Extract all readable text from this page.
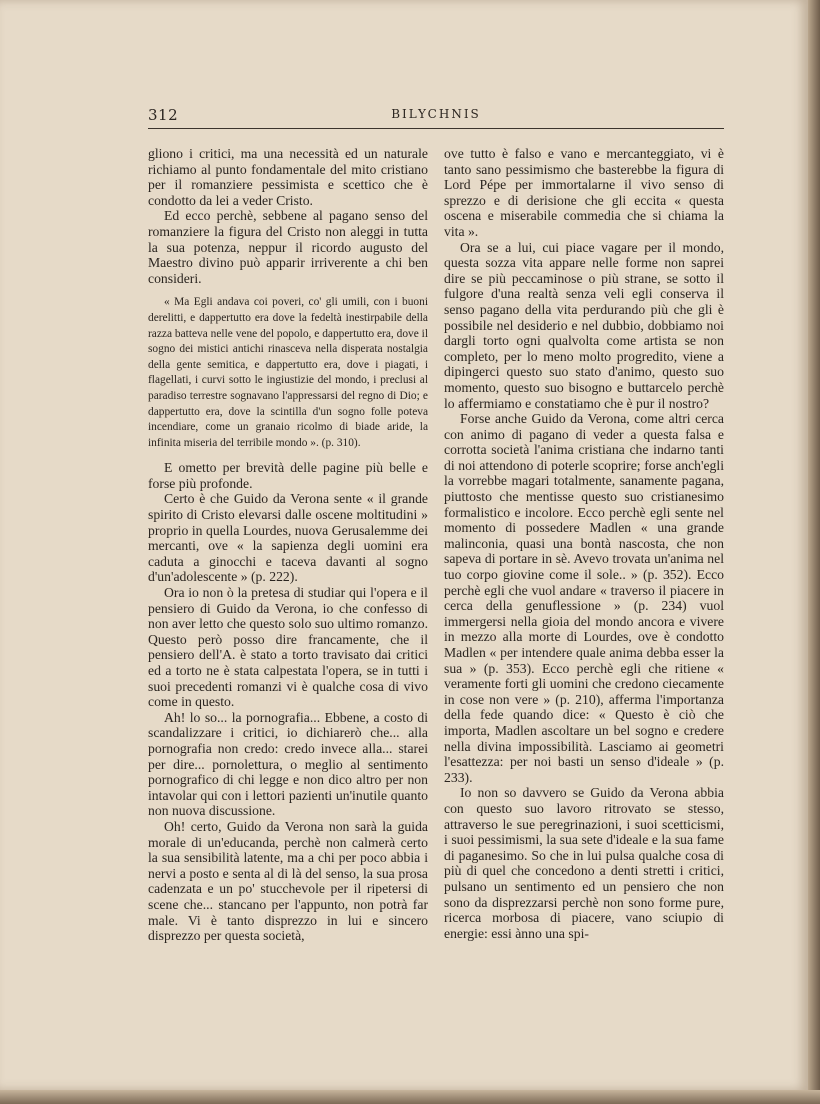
312	BILYCHNIS

gliono i critici, ma una necessità ed un naturale richiamo al punto fondamentale del mito cristiano per il romanziere pessimista e scettico che è condotto da lei a veder Cristo.

Ed ecco perchè, sebbene al pagano senso del romanziere la figura del Cristo non aleggi in tutta la sua potenza, neppur il ricordo augusto del Maestro divino può apparir irriverente a chi ben consideri.

« Ma Egli andava coi poveri, co' gli umili, con i buoni derelitti, e dappertutto era dove la fedeltà inestirpabile della razza batteva nelle vene del popolo, e dappertutto era, dove il sogno dei mistici antichi rinasceva nella disperata nostalgia della gente semitica, e dappertutto era, dove i piagati, i flagellati, i curvi sotto le ingiustizie del mondo, i preclusi al paradiso terrestre sognavano l'appressarsi del regno di Dio; e dappertutto era, dove la scintilla d'un sogno folle poteva incendiare, come un granaio ricolmo di biade aride, la infinita miseria del terribile mondo ». (p. 310).

E ometto per brevità delle pagine più belle e forse più profonde.

Certo è che Guido da Verona sente « il grande spirito di Cristo elevarsi dalle oscene moltitudini » proprio in quella Lourdes, nuova Gerusalemme dei mercanti, ove « la sapienza degli uomini era caduta a ginocchi e taceva davanti al sogno d'un'adolescente » (p. 222).

Ora io non ò la pretesa di studiar qui l'opera e il pensiero di Guido da Verona, io che confesso di non aver letto che questo solo suo ultimo romanzo. Questo però posso dire francamente, che il pensiero dell'A. è stato a torto travisato dai critici ed a torto ne è stata calpestata l'opera, se in tutti i suoi precedenti romanzi vi è qualche cosa di vivo come in questo.

Ah! lo so... la pornografia... Ebbene, a costo di scandalizzare i critici, io dichiarerò che... alla pornografia non credo: credo invece alla... starei per dire... pornolettura, o meglio al sentimento pornografico di chi legge e non dico altro per non intavolar qui con i lettori pazienti un'inutile quanto non nuova discussione.

Oh! certo, Guido da Verona non sarà la guida morale di un'educanda, perchè non calmerà certo la sua sensibilità latente, ma a chi per poco abbia i nervi a posto e senta al di là del senso, la sua prosa cadenzata e un po' stucchevole per il ripetersi di scene che... stancano per l'appunto, non potrà far male. Vi è tanto disprezzo in lui e sincero disprezzo per questa società,

ove tutto è falso e vano e mercanteggiato, vi è tanto sano pessimismo che basterebbe la figura di Lord Pépe per immortalarne il vivo senso di sprezzo e di derisione che gli eccita « questa oscena e miserabile commedia che si chiama la vita ».

Ora se a lui, cui piace vagare per il mondo, questa sozza vita appare nelle forme non saprei dire se più peccaminose o più strane, se sotto il fulgore d'una realtà senza veli egli conserva il senso pagano della vita perdurando più che gli è possibile nel desiderio e nel dubbio, dobbiamo noi dargli torto ogni qualvolta come artista se non completo, per lo meno molto progredito, viene a dipingerci questo suo stato d'animo, questo suo momento, questo suo bisogno e buttarcelo perchè lo affermiamo e constatiamo che è pur il nostro?

Forse anche Guido da Verona, come altri cerca con animo di pagano di veder a questa falsa e corrotta società l'anima cristiana che indarno tanti di noi attendono di poterle scoprire; forse anch'egli la vorrebbe magari totalmente, sanamente pagana, piuttosto che mentisse questo suo cristianesimo formalistico e incolore. Ecco perchè egli sente nel momento di possedere Madlen « una grande malinconia, quasi una bontà nascosta, che non sapeva di portare in sè. Avevo trovata un'anima nel tuo corpo giovine come il sole.. » (p. 352). Ecco perchè egli che vuol andare « traverso il piacere in cerca della genuflessione » (p. 234) vuol immergersi nella gioia del mondo ancora e vivere in mezzo alla morte di Lourdes, ove è condotto Madlen « per intendere quale anima debba esser la sua » (p. 353). Ecco perchè egli che ritiene « veramente forti gli uomini che credono ciecamente in cose non vere » (p. 210), afferma l'importanza della fede quando dice: « Questo è ciò che importa, Madlen ascoltare un bel sogno e credere nella divina impossibilità. Lasciamo ai geometri l'esattezza: per noi basti un senso d'ideale » (p. 233).

Io non so davvero se Guido da Verona abbia con questo suo lavoro ritrovato se stesso, attraverso le sue peregrinazioni, i suoi scetticismi, i suoi pessimismi, la sua sete d'ideale e la sua fame di paganesimo. So che in lui pulsa qualche cosa di più di quel che concedono a denti stretti i critici, pulsano un sentimento ed un pensiero che non sono da disprezzarsi perchè non sono forme pure, ricerca morbosa di piacere, vano sciupio di energie: essi ànno una spi-
